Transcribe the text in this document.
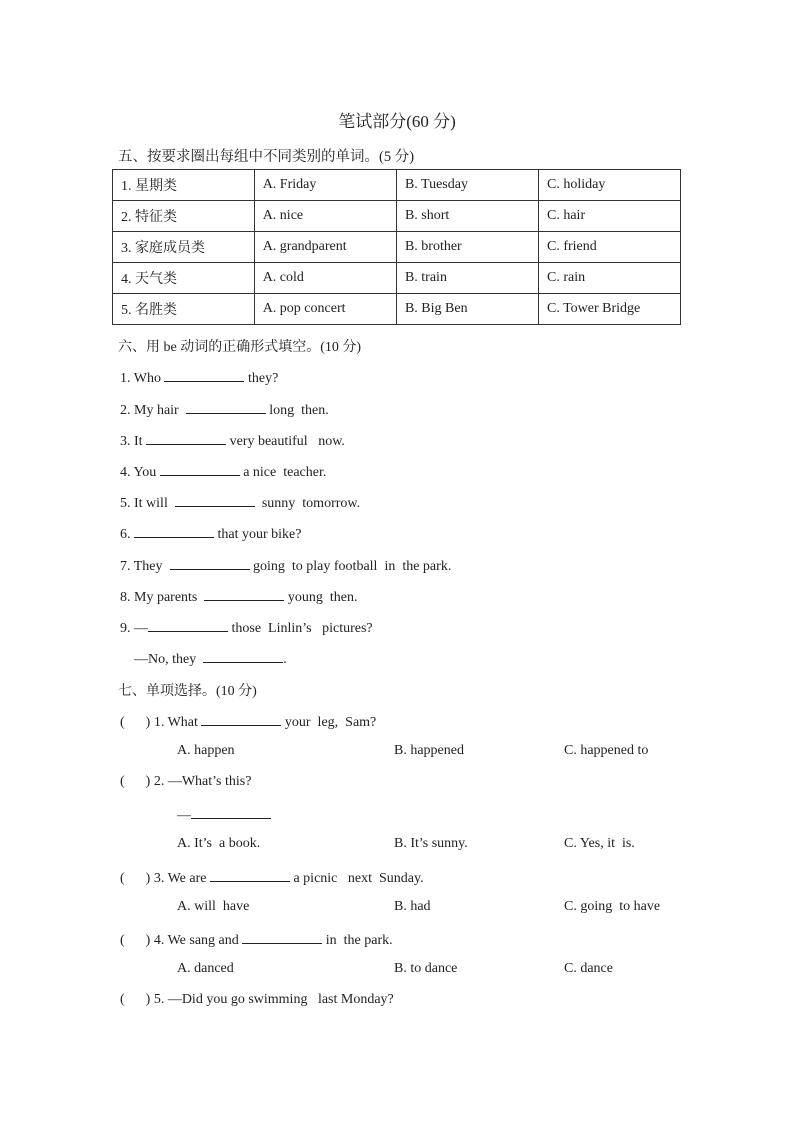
笔试部分(60 分)
五、按要求圈出每组中不同类别的单词。(5 分)
1. 星期类	A. Friday	B. Tuesday	C. holiday
2. 特征类	A. nice	B. short	C. hair
3. 家庭成员类	A. grandparent	B. brother	C. friend
4. 天气类	A. cold	B. train	C. rain
5. 名胜类	A. pop concert	B. Big Ben	C. Tower Bridge
六、用 be 动词的正确形式填空。(10 分)
1. Who	they?
2. My hair	long  then.
3. It	very beautiful   now.
4. You	a nice  teacher.
5. It will	sunny  tomorrow.
6.	that your bike?
7. They	going  to play football  in  the park.
8. My parents	young  then.
9. —	those  Linlin’s   pictures?
—No, they	.
七、单项选择。(10 分)
(      ) 1. What	your  leg,  Sam?
A. happen	B. happened	C. happened to
(      ) 2. —What’s this?
—
A. It’s  a book.	B. It’s sunny.	C. Yes, it  is.
(      ) 3. We are	a picnic   next  Sunday.
A. will  have	B. had	C. going  to have
(      ) 4. We sang and	in  the park.
A. danced	B. to dance	C. dance
(      ) 5. —Did you go swimming   last Monday?
